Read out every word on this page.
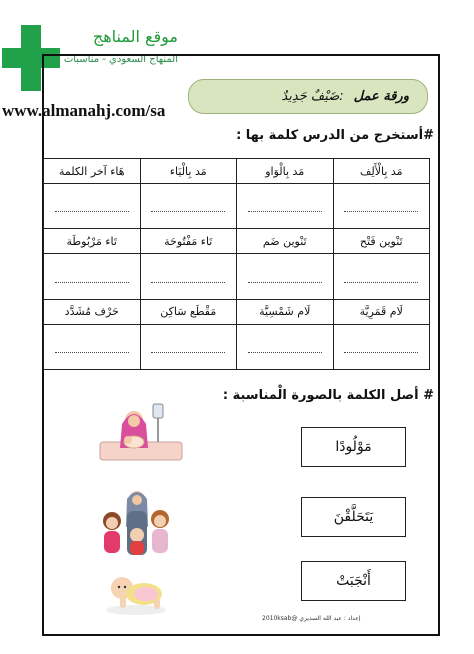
موقع المناهج
المنهاج السعودي - مناسبات
www.almanahj.com/sa
ورقة عمل
:ضَيْفٌ جَدِيدٌ
#أستخرج من الدرس كلمة بها :
مَد بِالْأَلِف	مَد بِالْوَاو	مَد بِالْيَاء	هَاء آخر الكلمة

تَنْوين فَتْح	تَنْوين ضَم	تَاء مَفْتُوحَة	تَاء مَرْبُوطَة

لَام قَمَرِيَّة	لَام شَمْسِيَّة	مَقْطَع سَاكِن	حَرْف مُشَدَّد

# أصل الكلمة بالصورة الْمناسبة :
مَوْلُودًا
يَتَحَلَّقْنَ
أَنْجَبَتْ
إعداد : عبد الله السديري @2010ksab
